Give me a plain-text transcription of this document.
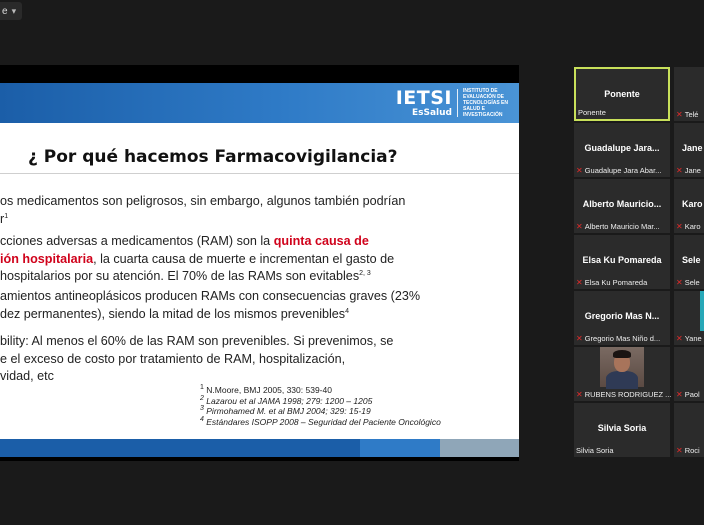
e ▾
IETSI
EsSalud
INSTITUTO DE EVALUACIÓN DE TECNOLOGÍAS EN SALUD E INVESTIGACIÓN
¿ Por qué hacemos Farmacovigilancia?
os medicamentos son peligrosos, sin embargo, algunos también podrían
$r^1$
cciones adversas a medicamentos (RAM) son la quinta causa de
ión hospitalaria, la cuarta causa de muerte e incrementan el gasto de
hospitalarios por su atención. El 70% de las RAMs son evitables$^{2, 3}$
amientos antineoplásicos producen RAMs con consecuencias graves (23%
dez permanentes), siendo la mitad de los mismos prevenibles$^4$
bility: Al menos el 60% de las RAM son prevenibles. Si prevenimos, se
e el exceso de costo por tratamiento de RAM, hospitalización,
vidad, etc
$^1$ N.Moore, BMJ 2005, 330: 539-40
$^2$ Lazarou et al JAMA 1998; 279: 1200 – 1205
$^3$ Pirmohamed M. et al BMJ 2004; 329: 15-19
$^4$ Estándares ISOPP 2008 – Seguridad del Paciente Oncológico
Ponente
Ponente	✕ Telé
Guadalupe Jara...
✕ Guadalupe Jara Abar...
Jane
✕ Jane
Alberto Mauricio...
✕ Alberto Mauricio Mar...
Karo
✕ Karo
Elsa Ku Pomareda
✕ Elsa Ku Pomareda
Sele
✕ Sele
Gregorio Mas N...
✕ Gregorio Mas Niño d... ✕ Yane
✕ RUBENS RODRIGUEZ ... ✕ Paol
Silvia Soria
Silvia Soria	✕ Roci
